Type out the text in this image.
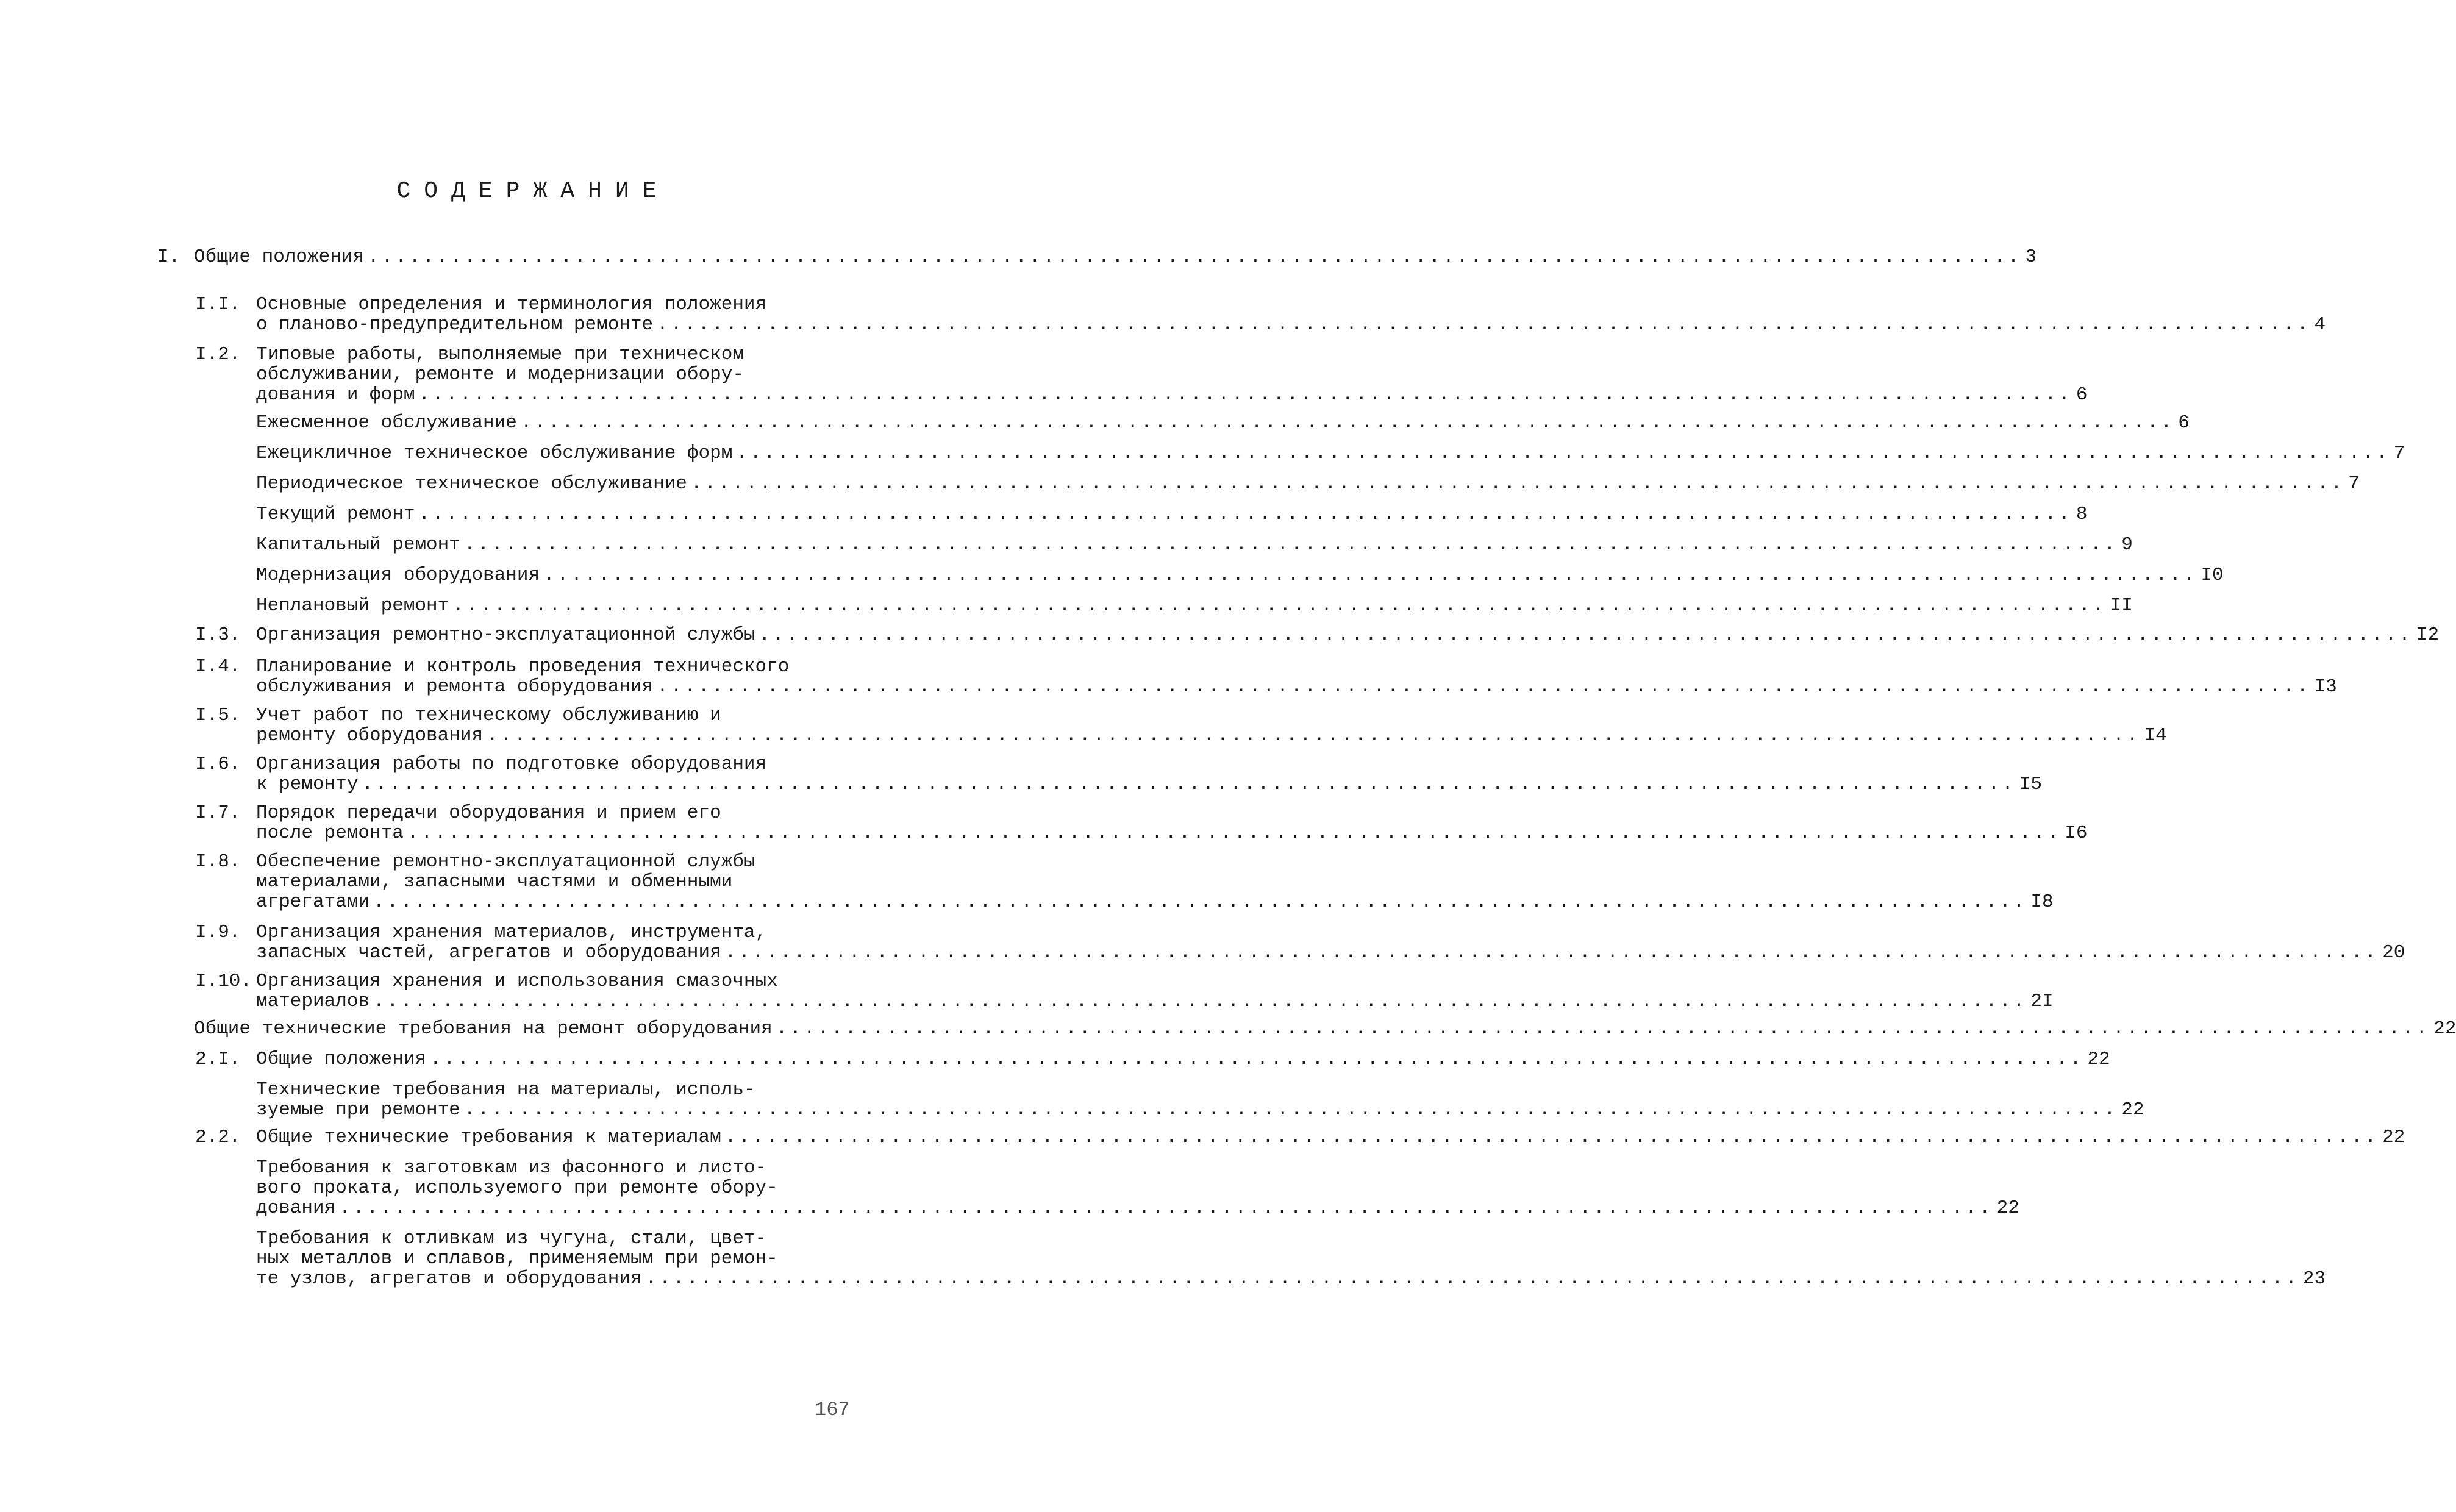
СОДЕРЖАНИЕ
I. Общие положения .....	3
I.I. Основные определения и терминология положения
о планово-предупредительном ремонте .....	4
I.2. Типовые работы, выполняемые при техническом
обслуживании, ремонте и модернизации обору-
дования и форм .....	6
Ежесменное обслуживание .....	6
Ежецикличное техническое обслуживание форм .....	7
Периодическое техническое обслуживание .....	7
Текущий ремонт .....	8
Капитальный ремонт .....	9
Модернизация оборудования .....	I0
Неплановый ремонт .....	II
I.3. Организация ремонтно-эксплуатационной службы .....	I2
I.4. Планирование и контроль проведения технического
обслуживания и ремонта оборудования .....	I3
I.5. Учет работ по техническому обслуживанию и
ремонту оборудования .....	I4
I.6. Организация работы по подготовке оборудования
к ремонту .....	I5
I.7. Порядок передачи оборудования и прием его
после ремонта .....	I6
I.8. Обеспечение ремонтно-эксплуатационной службы
материалами, запасными частями и обменными
агрегатами .....	I8
I.9. Организация хранения материалов, инструмента,
запасных частей, агрегатов и оборудования .....	20
I.10. Организация хранения и использования смазочных
материалов .....	2I
Общие технические требования на ремонт оборудования .....	22
2.I. Общие положения .....	22
Технические требования на материалы, исполь-
зуемые при ремонте .....	22
2.2. Общие технические требования к материалам .....	22
Требования к заготовкам из фасонного и листо-
вого проката, используемого при ремонте обору-
дования .....	22
Требования к отливкам из чугуна, стали, цвет-
ных металлов и сплавов, применяемым при ремон-
те узлов, агрегатов и оборудования .....	23
167
